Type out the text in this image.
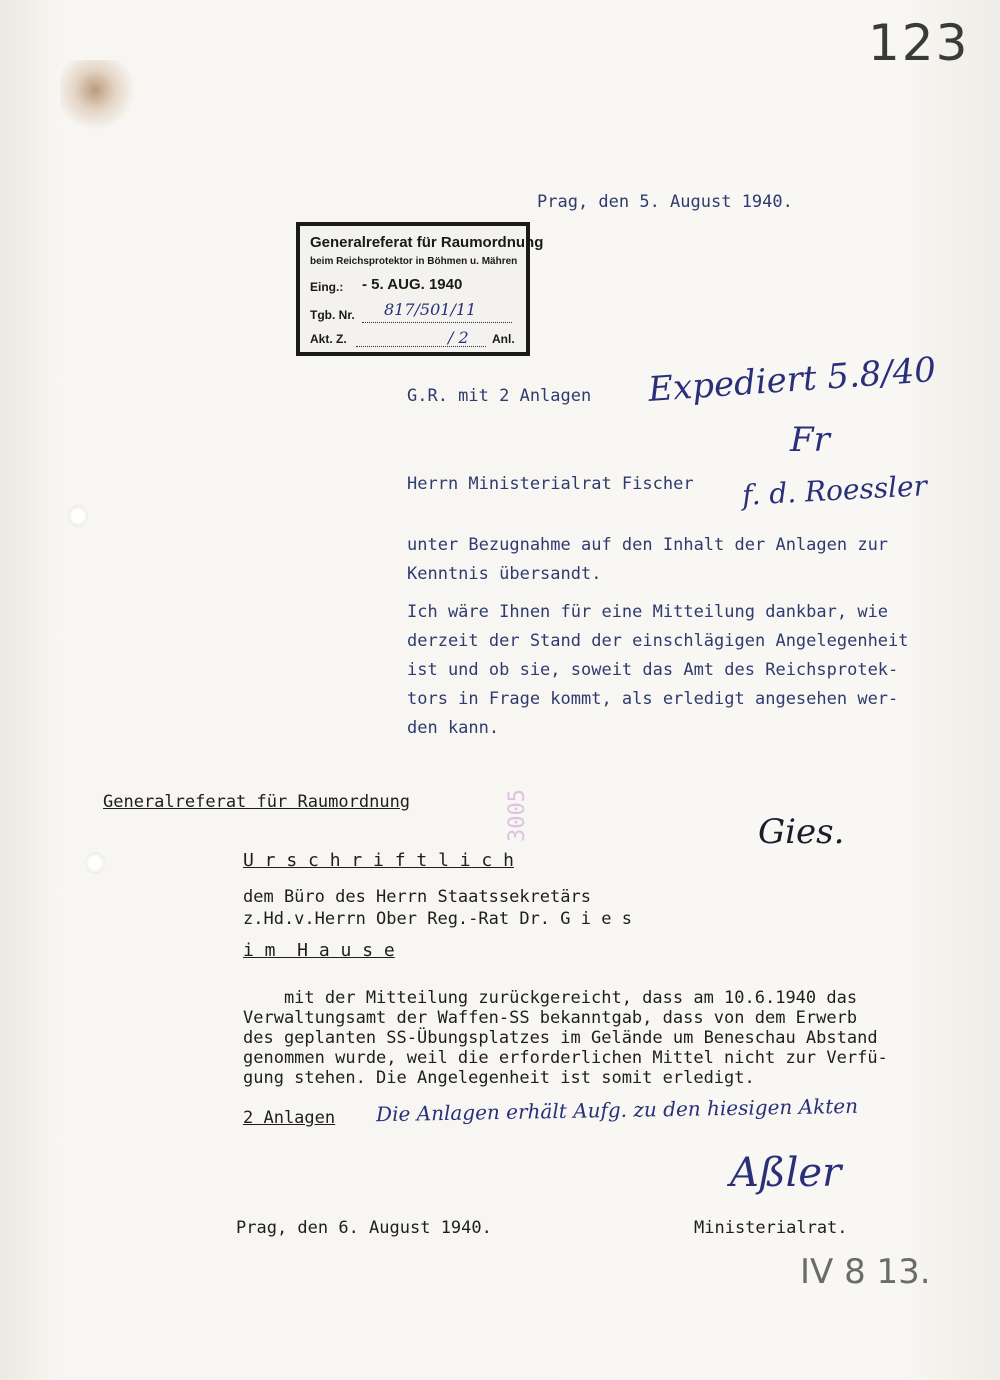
123
Prag, den 5. August 1940.
Generalreferat für Raumordnung
beim Reichsprotektor in Böhmen u. Mähren
Eing.: - 5. AUG. 1940
Tgb. Nr. 817/501/11
Akt. Z.	/ 2 Anl.
G.R. mit 2 Anlagen Expediert 5.8/40
Fr
f. d. Roessler
Herrn Ministerialrat Fischer
unter Bezugnahme auf den Inhalt der Anlagen zur
Kenntnis übersandt.
Ich wäre Ihnen für eine Mitteilung dankbar, wie
derzeit der Stand der einschlägigen Angelegenheit
ist und ob sie, soweit das Amt des Reichsprotek-
tors in Frage kommt, als erledigt angesehen wer-
den kann.
Generalreferat für Raumordnung
Gies.
3005
U r s c h r i f t l i c h
dem Büro des Herrn Staatssekretärs
z.Hd.v.Herrn Ober Reg.-Rat Dr. G i e s
i m  H a u s e
mit der Mitteilung zurückgereicht, dass am 10.6.1940 das
Verwaltungsamt der Waffen-SS bekanntgab, dass von dem Erwerb
des geplanten SS-Übungsplatzes im Gelände um Beneschau Abstand
genommen wurde, weil die erforderlichen Mittel nicht zur Verfü-
gung stehen. Die Angelegenheit ist somit erledigt.
2 Anlagen Die Anlagen erhält Aufg. zu den hiesigen Akten
Aßler
Prag, den 6. August 1940.	Ministerialrat.
IV 8 13.
